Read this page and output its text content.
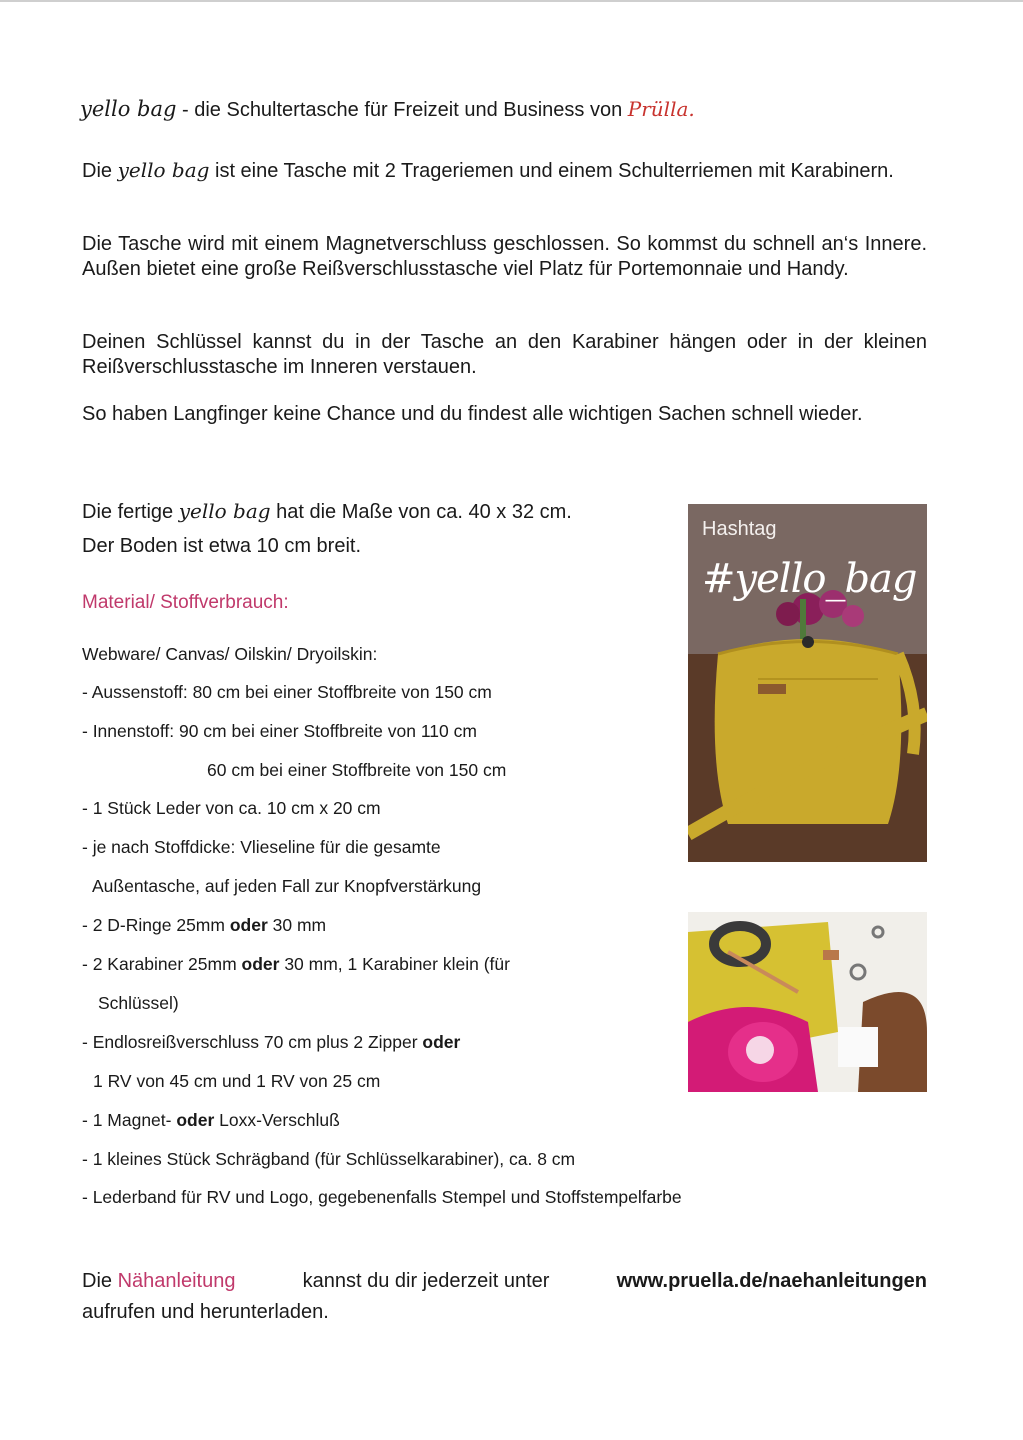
yello bag - die Schultertasche für Freizeit und Business von Prülla.

Die yello bag ist eine Tasche mit 2 Trageriemen und einem Schulterriemen mit Karabinern.

Die Tasche wird mit einem Magnetverschluss geschlossen. So kommst du schnell an‘s Innere. Außen bietet eine große Reißverschlusstasche viel Platz für Portemonnaie und Handy.

Deinen Schlüssel kannst du in der Tasche an den Karabiner hängen oder in der kleinen Reißverschlusstasche im Inneren verstauen.

So haben Langfinger keine Chance und du findest alle wichtigen Sachen schnell wieder.

Die fertige yello bag hat die Maße von ca. 40 x 32 cm.
Der Boden ist etwa 10 cm breit.
Material/ Stoffverbrauch:
Webware/ Canvas/ Oilskin/ Dryoilskin:
- Aussenstoff: 80 cm bei einer Stoffbreite von 150 cm
- Innenstoff: 90 cm bei einer Stoffbreite von 110 cm
60 cm bei einer Stoffbreite von 150 cm
- 1 Stück Leder von ca. 10 cm x 20 cm
- je nach Stoffdicke: Vlieseline für die gesamte
Außentasche, auf jeden Fall zur Knopfverstärkung
- 2 D-Ringe 25mm oder 30 mm
- 2 Karabiner 25mm oder 30 mm, 1 Karabiner klein (für
Schlüssel)
- Endlosreißverschluss 70 cm plus 2 Zipper oder
1 RV von 45 cm und 1 RV von 25 cm
- 1 Magnet- oder Loxx-Verschluß
- 1 kleines Stück Schrägband (für Schlüsselkarabiner), ca. 8 cm
- Lederband für RV und Logo, gegebenenfalls Stempel und Stoffstempelfarbe
Die Nähanleitung	kannst du dir jederzeit unter	www.pruella.de/naehanleitungen
aufrufen und herunterladen.
Hashtag
#yello_bag
